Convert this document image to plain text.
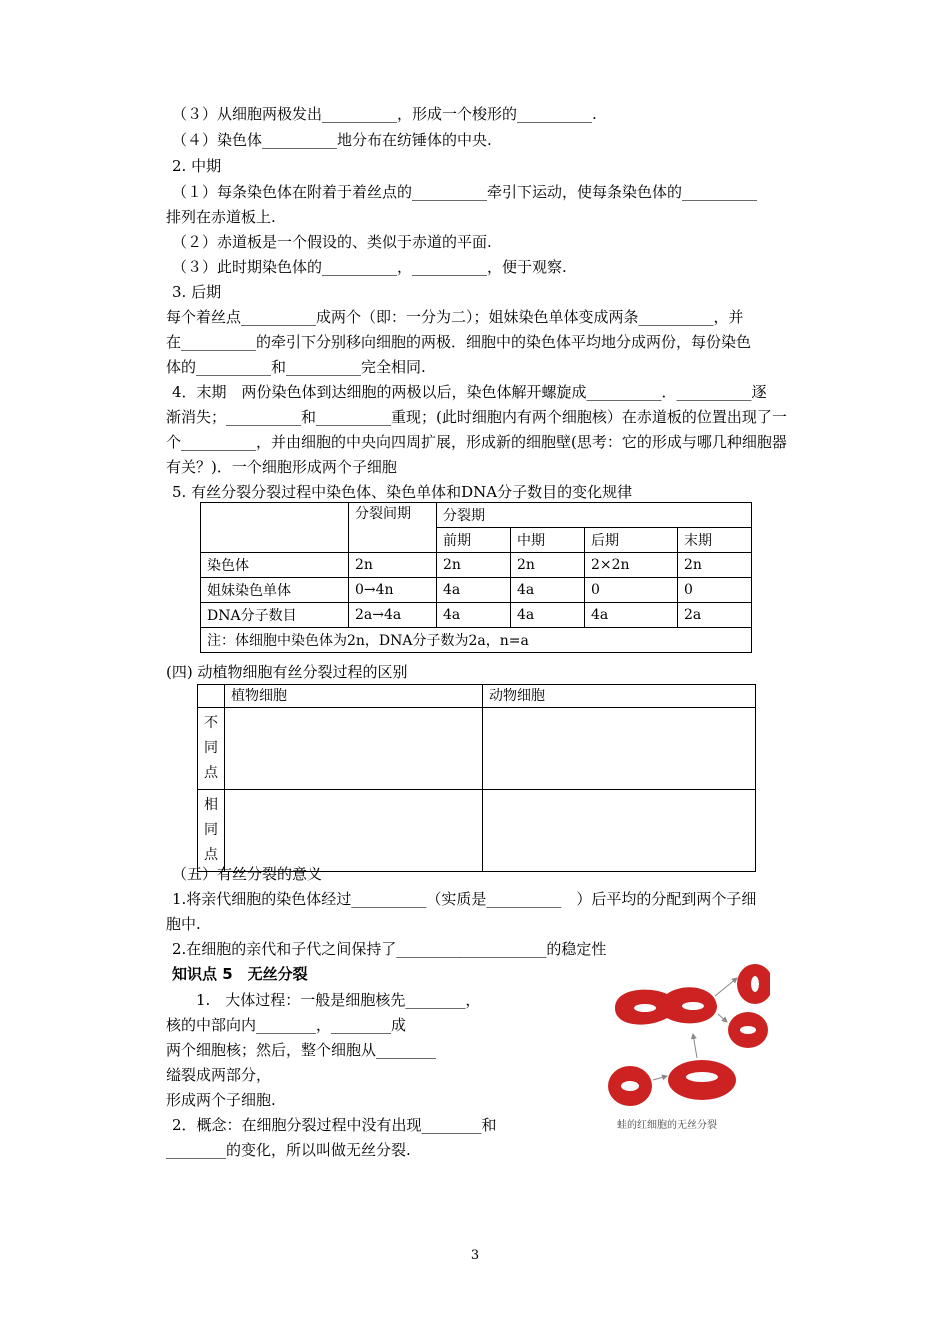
（３）从细胞两极发出__________，形成一个梭形的__________.
（４）染色体__________地分布在纺锤体的中央.
2. 中期
（１）每条染色体在附着于着丝点的__________牵引下运动，使每条染色体的__________
排列在赤道板上.
（２）赤道板是一个假设的、类似于赤道的平面.
（３）此时期染色体的__________，__________，便于观察.
3. 后期
每个着丝点__________成两个（即：一分为二）；姐妹染色单体变成两条__________，并
在__________的牵引下分别移向细胞的两极．细胞中的染色体平均地分成两份，每份染色
体的__________和__________完全相同.
4．末期　两份染色体到达细胞的两极以后，染色体解开螺旋成__________．__________逐
渐消失；__________和__________重现；(此时细胞内有两个细胞核）在赤道板的位置出现了一
个__________，并由细胞的中央向四周扩展，形成新的细胞壁(思考：它的形成与哪几种细胞器
有关？)．一个细胞形成两个子细胞
5. 有丝分裂分裂过程中染色体、染色单体和DNA分子数目的变化规律
	分裂间期	分裂期			
		前期	中期	后期	末期
染色体	2n	2n	2n	2×2n	2n
姐妹染色单体	0→4n	4a	4a	0	0
DNA分子数目	2a→4a	4a	4a	4a	2a
注：体细胞中染色体为2n，DNA分子数为2a，n=a					
(四) 动植物细胞有丝分裂过程的区别
	植物细胞	动物细胞
不同点		
相同点		
（五）有丝分裂的意义
1.将亲代细胞的染色体经过__________（实质是__________　）后平均的分配到两个子细
胞中.
2.在细胞的亲代和子代之间保持了____________________的稳定性
知识点 5　无丝分裂
1.　大体过程：一般是细胞核先________，
核的中部向内________，________成
两个细胞核；然后，整个细胞从________
缢裂成两部分，
形成两个子细胞.
2．概念：在细胞分裂过程中没有出现________和
________的变化，所以叫做无丝分裂.
蛙的红细胞的无丝分裂
3
